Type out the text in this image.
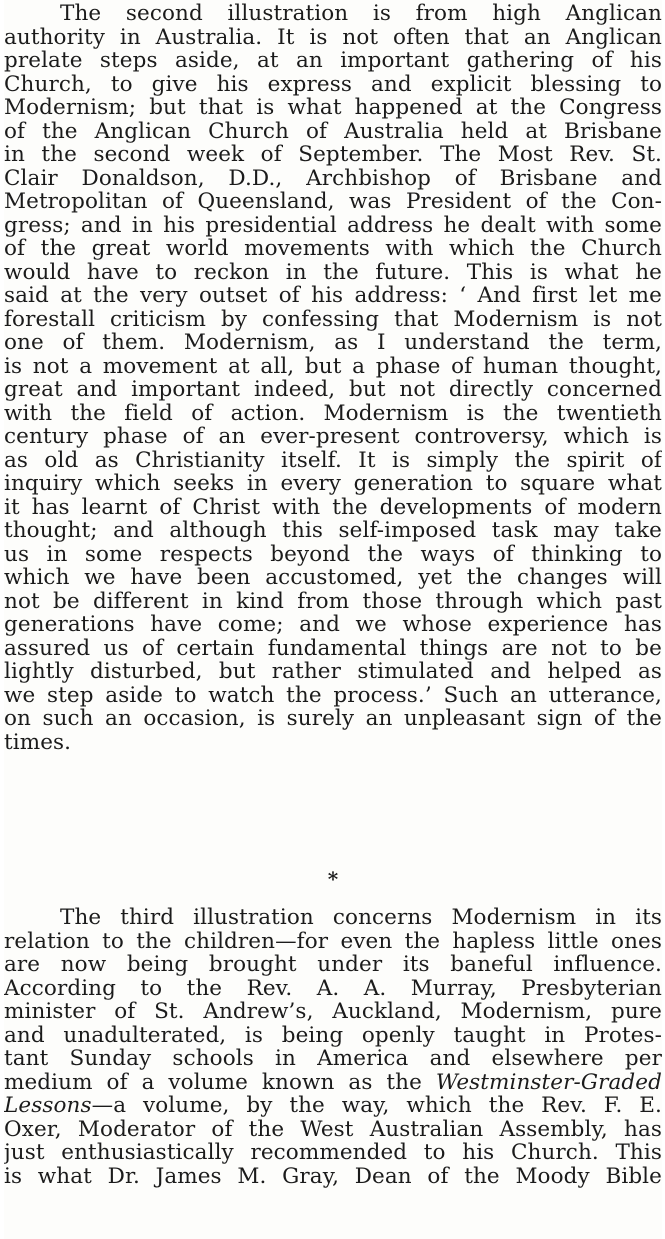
The second illustration is from high Anglican
authority in Australia. It is not often that an Anglican
prelate steps aside, at an important gathering of his
Church, to give his express and explicit blessing to
Modernism; but that is what happened at the Congress
of the Anglican Church of Australia held at Brisbane
in the second week of September. The Most Rev. St.
Clair Donaldson, D.D., Archbishop of Brisbane and
Metropolitan of Queensland, was President of the Con-
gress; and in his presidential address he dealt with some
of the great world movements with which the Church
would have to reckon in the future. This is what he
said at the very outset of his address: ‘ And first let me
forestall criticism by confessing that Modernism is not
one of them. Modernism, as I understand the term,
is not a movement at all, but a phase of human thought,
great and important indeed, but not directly concerned
with the field of action. Modernism is the twentieth
century phase of an ever-present controversy, which is
as old as Christianity itself. It is simply the spirit of
inquiry which seeks in every generation to square what
it has learnt of Christ with the developments of modern
thought; and although this self-imposed task may take
us in some respects beyond the ways of thinking to
which we have been accustomed, yet the changes will
not be different in kind from those through which past
generations have come; and we whose experience has
assured us of certain fundamental things are not to be
lightly disturbed, but rather stimulated and helped as
we step aside to watch the process.’ Such an utterance,
on such an occasion, is surely an unpleasant sign of the
times.
*
The third illustration concerns Modernism in its
relation to the children—for even the hapless little ones
are now being brought under its baneful influence.
According to the Rev. A. A. Murray, Presbyterian
minister of St. Andrew’s, Auckland, Modernism, pure
and unadulterated, is being openly taught in Protes-
tant Sunday schools in America and elsewhere per
medium of a volume known as the Westminster-Graded
Lessons—a volume, by the way, which the Rev. F. E.
Oxer, Moderator of the West Australian Assembly, has
just enthusiastically recommended to his Church. This
is what Dr. James M. Gray, Dean of the Moody Bible
